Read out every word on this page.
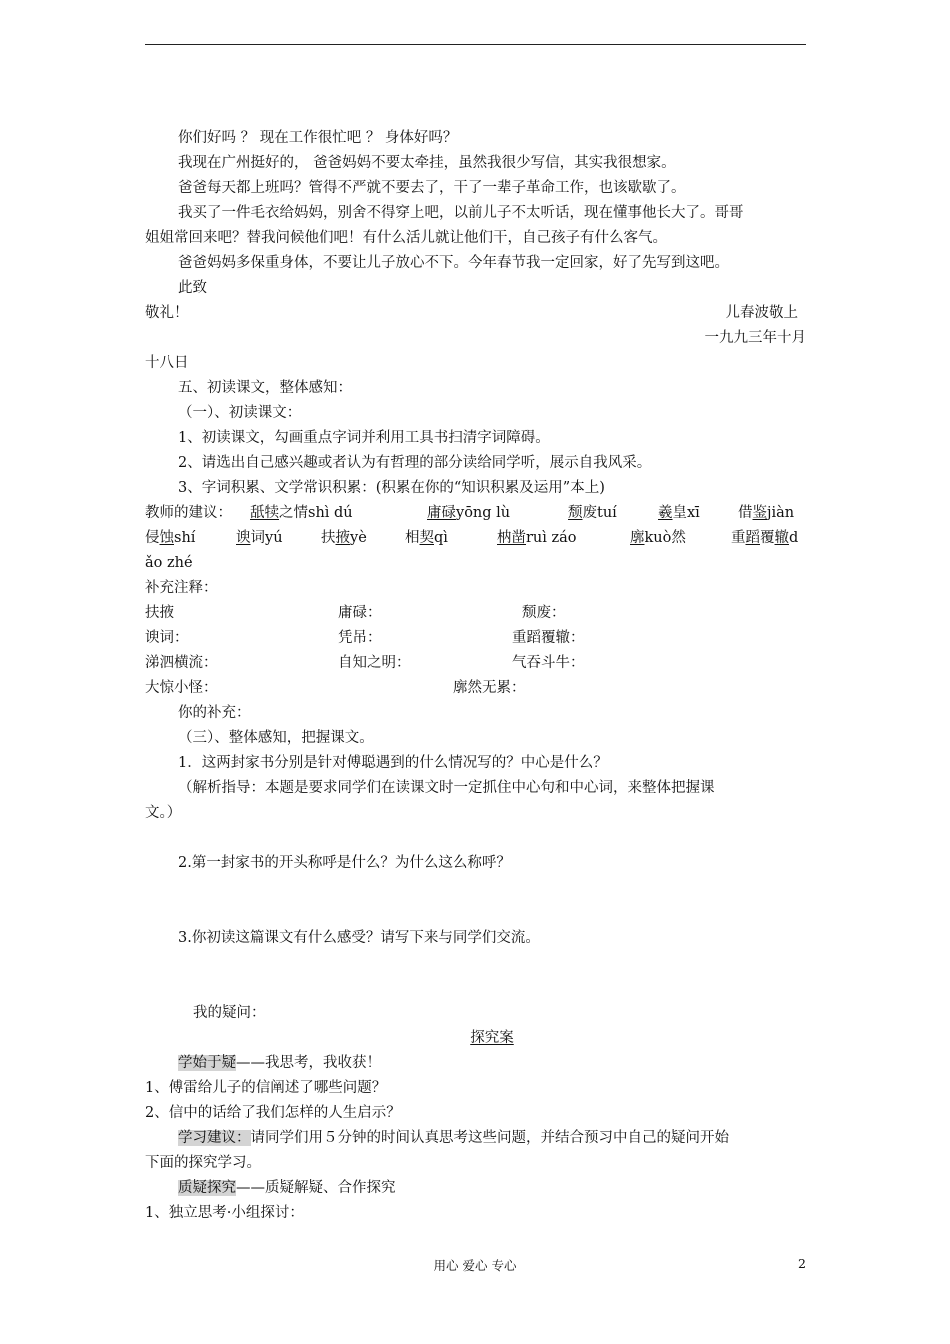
你们好吗 ？ 现在工作很忙吧 ？ 身体好吗？
我现在广州挺好的， 爸爸妈妈不要太牵挂，虽然我很少写信，其实我很想家。
爸爸每天都上班吗？管得不严就不要去了，干了一辈子革命工作，也该歇歇了。
我买了一件毛衣给妈妈，别舍不得穿上吧，以前儿子不太听话，现在懂事他长大了。哥哥
姐姐常回来吧？替我问候他们吧！有什么活儿就让他们干，自己孩子有什么客气。
爸爸妈妈多保重身体，不要让儿子放心不下。今年春节我一定回家，好了先写到这吧。
此致
敬礼！	儿春波敬上
一九九三年十月
十八日
五、初读课文，整体感知：
（一）、初读课文：
1、初读课文，勾画重点字词并利用工具书扫清字词障碍。
2、请选出自己感兴趣或者认为有哲理的部分读给同学听，展示自我风采。
3、字词积累、文学常识积累：(积累在你的“知识积累及运用”本上)
教师的建议： 舐犊之情shì dú	庸碌yōng lù	颓废tuí	羲皇xī	借鉴jiàn
侵蚀shí	谀词yú	扶掖yè	相契qì	枘凿ruì záo	廓kuò然	重蹈覆辙d
ǎo zhé
补充注释：
扶掖	庸碌：	颓废：
谀词：	凭吊：	重蹈覆辙：
涕泗横流：	自知之明：	气吞斗牛：
大惊小怪：	廓然无累：
你的补充：
（三）、整体感知，把握课文。
1．这两封家书分别是针对傅聪遇到的什么情况写的？中心是什么？
（解析指导：本题是要求同学们在读课文时一定抓住中心句和中心词，来整体把握课
文。）
2.第一封家书的开头称呼是什么？为什么这么称呼？
3.你初读这篇课文有什么感受？请写下来与同学们交流。
我的疑问：
探究案
学始于疑——我思考，我收获！
1、傅雷给儿子的信阐述了哪些问题？
2、信中的话给了我们怎样的人生启示？
学习建议：请同学们用５分钟的时间认真思考这些问题，并结合预习中自己的疑问开始
下面的探究学习。
质疑探究——质疑解疑、合作探究
1、独立思考·小组探讨：
用心 爱心 专心	2
